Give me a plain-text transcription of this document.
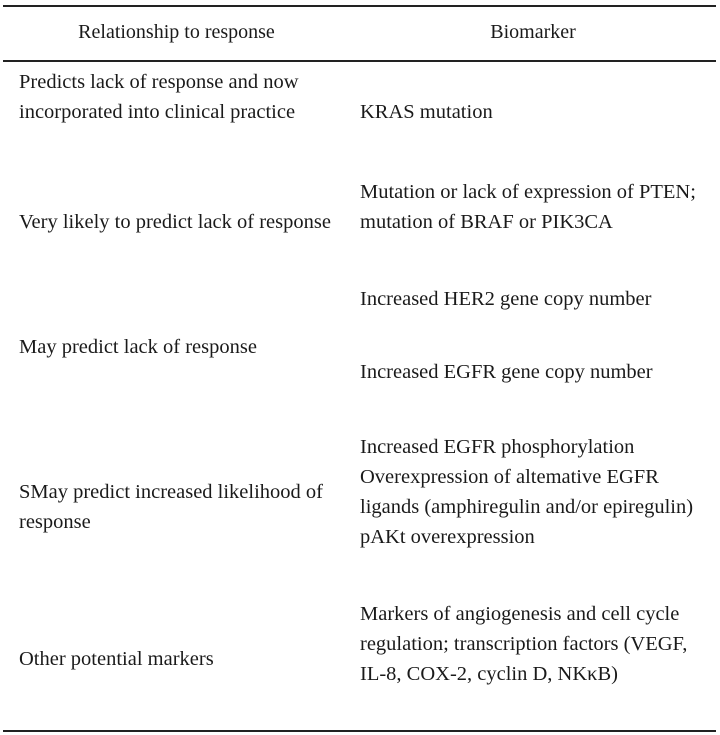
Relationship to response	Biomarker
Predicts lack of response and now incorporated into clinical practice	KRAS mutation
Very likely to predict lack of response
Mutation or lack of expression of PTEN; mutation of BRAF or PIK3CA
May predict lack of response
Increased HER2 gene copy number
Increased EGFR gene copy number
SMay predict increased likelihood of response
Increased EGFR phosphorylation Overexpression of altemative EGFR ligands (amphiregulin and/or epiregulin) pAKt overexpression
Other potential markers
Markers of angiogenesis and cell cycle regulation; transcription factors (VEGF, IL-8, COX-2, cyclin D, NKκB)
